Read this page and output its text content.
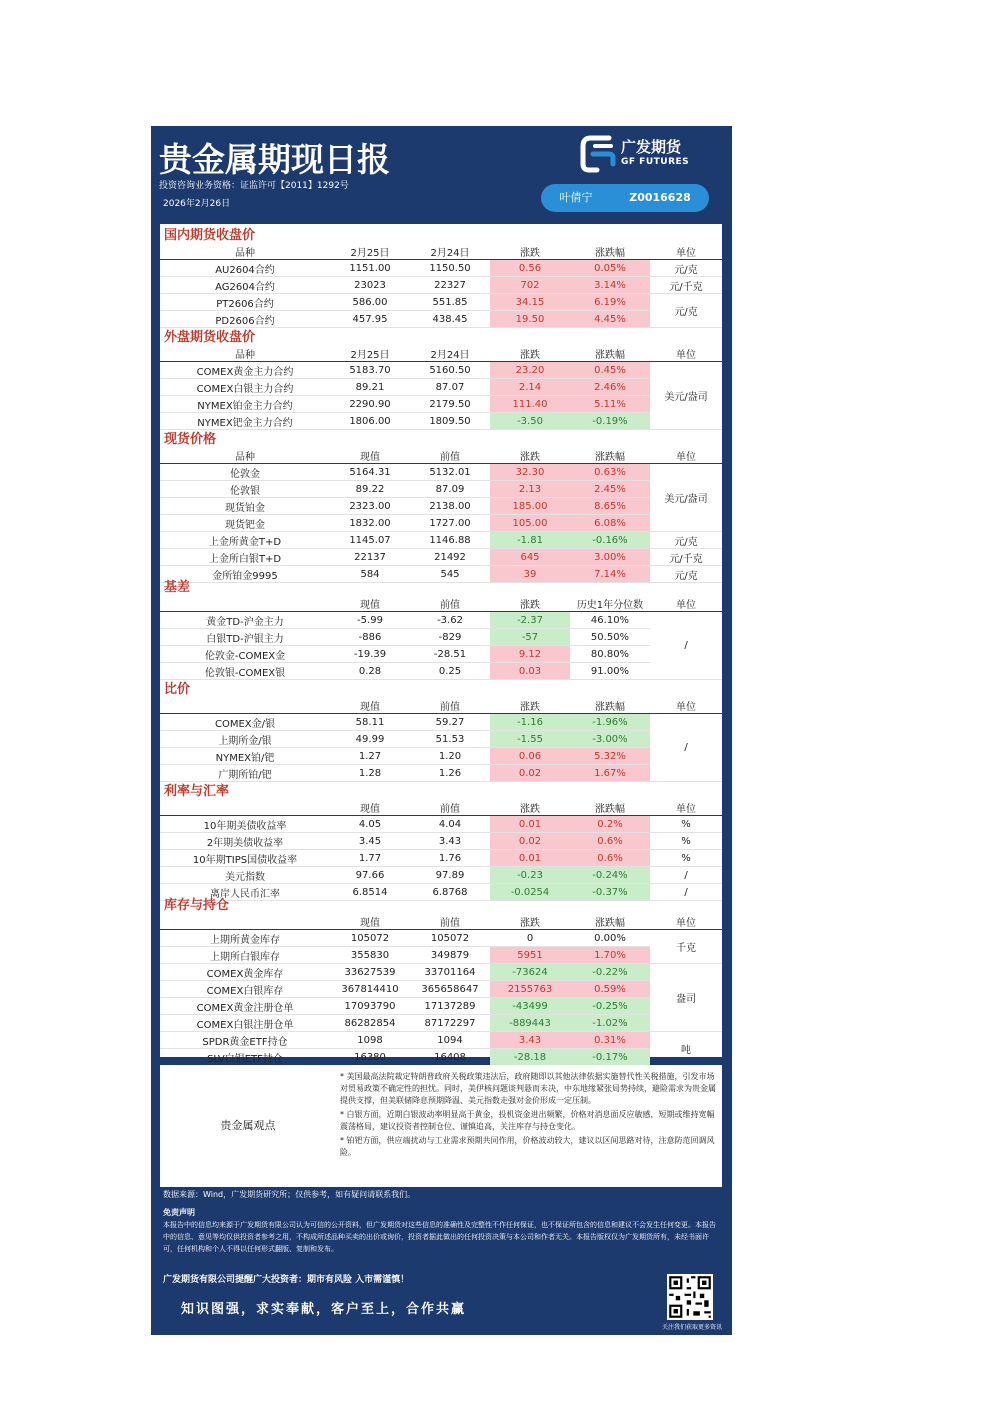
贵金属期现日报
投资咨询业务资格：证监许可【2011】1292号
2026年2月26日
广发期货
GF FUTURES
叶倩宁	Z0016628
国内期货收盘价
品种	2月25日	2月24日	涨跌	涨跌幅	单位
AU2604合约	1151.00	1150.50	0.56	0.05%	元/克
AG2604合约	23023	22327	702	3.14%	元/千克
PT2606合约	586.00	551.85	34.15	6.19%	元/克
PD2606合约	457.95	438.45	19.50	4.45%	
外盘期货收盘价
品种	2月25日	2月24日	涨跌	涨跌幅	单位
COMEX黄金主力合约	5183.70	5160.50	23.20	0.45%	美元/盎司
COMEX白银主力合约	89.21	87.07	2.14	2.46%	
NYMEX铂金主力合约	2290.90	2179.50	111.40	5.11%	
NYMEX钯金主力合约	1806.00	1809.50	-3.50	-0.19%	
现货价格
品种	现值	前值	涨跌	涨跌幅	单位
伦敦金	5164.31	5132.01	32.30	0.63%	美元/盎司
伦敦银	89.22	87.09	2.13	2.45%	
现货铂金	2323.00	2138.00	185.00	8.65%	
现货钯金	1832.00	1727.00	105.00	6.08%	
上金所黄金T+D	1145.07	1146.88	-1.81	-0.16%	元/克
上金所白银T+D	22137	21492	645	3.00%	元/千克
金所铂金9995	584	545	39	7.14%	元/克
基差
	现值	前值	涨跌	历史1年分位数	单位
黄金TD-沪金主力	-5.99	-3.62	-2.37	46.10%	/
白银TD-沪银主力	-886	-829	-57	50.50%	
伦敦金-COMEX金	-19.39	-28.51	9.12	80.80%	
伦敦银-COMEX银	0.28	0.25	0.03	91.00%	
比价
	现值	前值	涨跌	涨跌幅	单位
COMEX金/银	58.11	59.27	-1.16	-1.96%	/
上期所金/银	49.99	51.53	-1.55	-3.00%	
NYMEX铂/钯	1.27	1.20	0.06	5.32%	
广期所铂/钯	1.28	1.26	0.02	1.67%	
利率与汇率
	现值	前值	涨跌	涨跌幅	单位
10年期美债收益率	4.05	4.04	0.01	0.2%	%
2年期美债收益率	3.45	3.43	0.02	0.6%	%
10年期TIPS国债收益率	1.77	1.76	0.01	0.6%	%
美元指数	97.66	97.89	-0.23	-0.24%	/
离岸人民币汇率	6.8514	6.8768	-0.0254	-0.37%	/
库存与持仓
	现值	前值	涨跌	涨跌幅	单位
上期所黄金库存	105072	105072	0	0.00%	千克
上期所白银库存	355830	349879	5951	1.70%	
COMEX黄金库存	33627539	33701164	-73624	-0.22%	盎司
COMEX白银库存	367814410	365658647	2155763	0.59%	
COMEX黄金注册仓单	17093790	17137289	-43499	-0.25%	
COMEX白银注册仓单	86282854	87172297	-889443	-1.02%	
SPDR黄金ETF持仓	1098	1094	3.43	0.31%	吨
SLV白银ETF持仓	16380	16408	-28.18	-0.17%	
贵金属观点
* 美国最高法院裁定特朗普政府关税政策违法后，政府随即以其他法律依据实施替代性关税措施，引发市场对贸易政策不确定性的担忧。同时，美伊核问题谈判悬而未决，中东地缘紧张局势持续，避险需求为贵金属提供支撑，但美联储降息预期降温、美元指数走强对金价形成一定压制。
* 白银方面，近期白银波动率明显高于黄金，投机资金进出频繁，价格对消息面反应敏感，短期或维持宽幅震荡格局，建议投资者控制仓位、谨慎追高，关注库存与持仓变化。
* 铂钯方面，供应端扰动与工业需求预期共同作用，价格波动较大，建议以区间思路对待，注意防范回调风险。
数据来源：Wind，广发期货研究所；仅供参考，如有疑问请联系我们。
免责声明
本报告中的信息均来源于广发期货有限公司认为可信的公开资料，但广发期货对这些信息的准确性及完整性不作任何保证，也不保证所包含的信息和建议不会发生任何变更。本报告中的信息、意见等均仅供投资者参考之用，不构成所述品种买卖的出价或询价，投资者据此做出的任何投资决策与本公司和作者无关。本报告版权仅为广发期货所有，未经书面许可，任何机构和个人不得以任何形式翻版、复制和发布。
广发期货有限公司提醒广大投资者：期市有风险 入市需谨慎！
知识图强，求实奉献，客户至上，合作共赢
关注我们获取更多资讯
